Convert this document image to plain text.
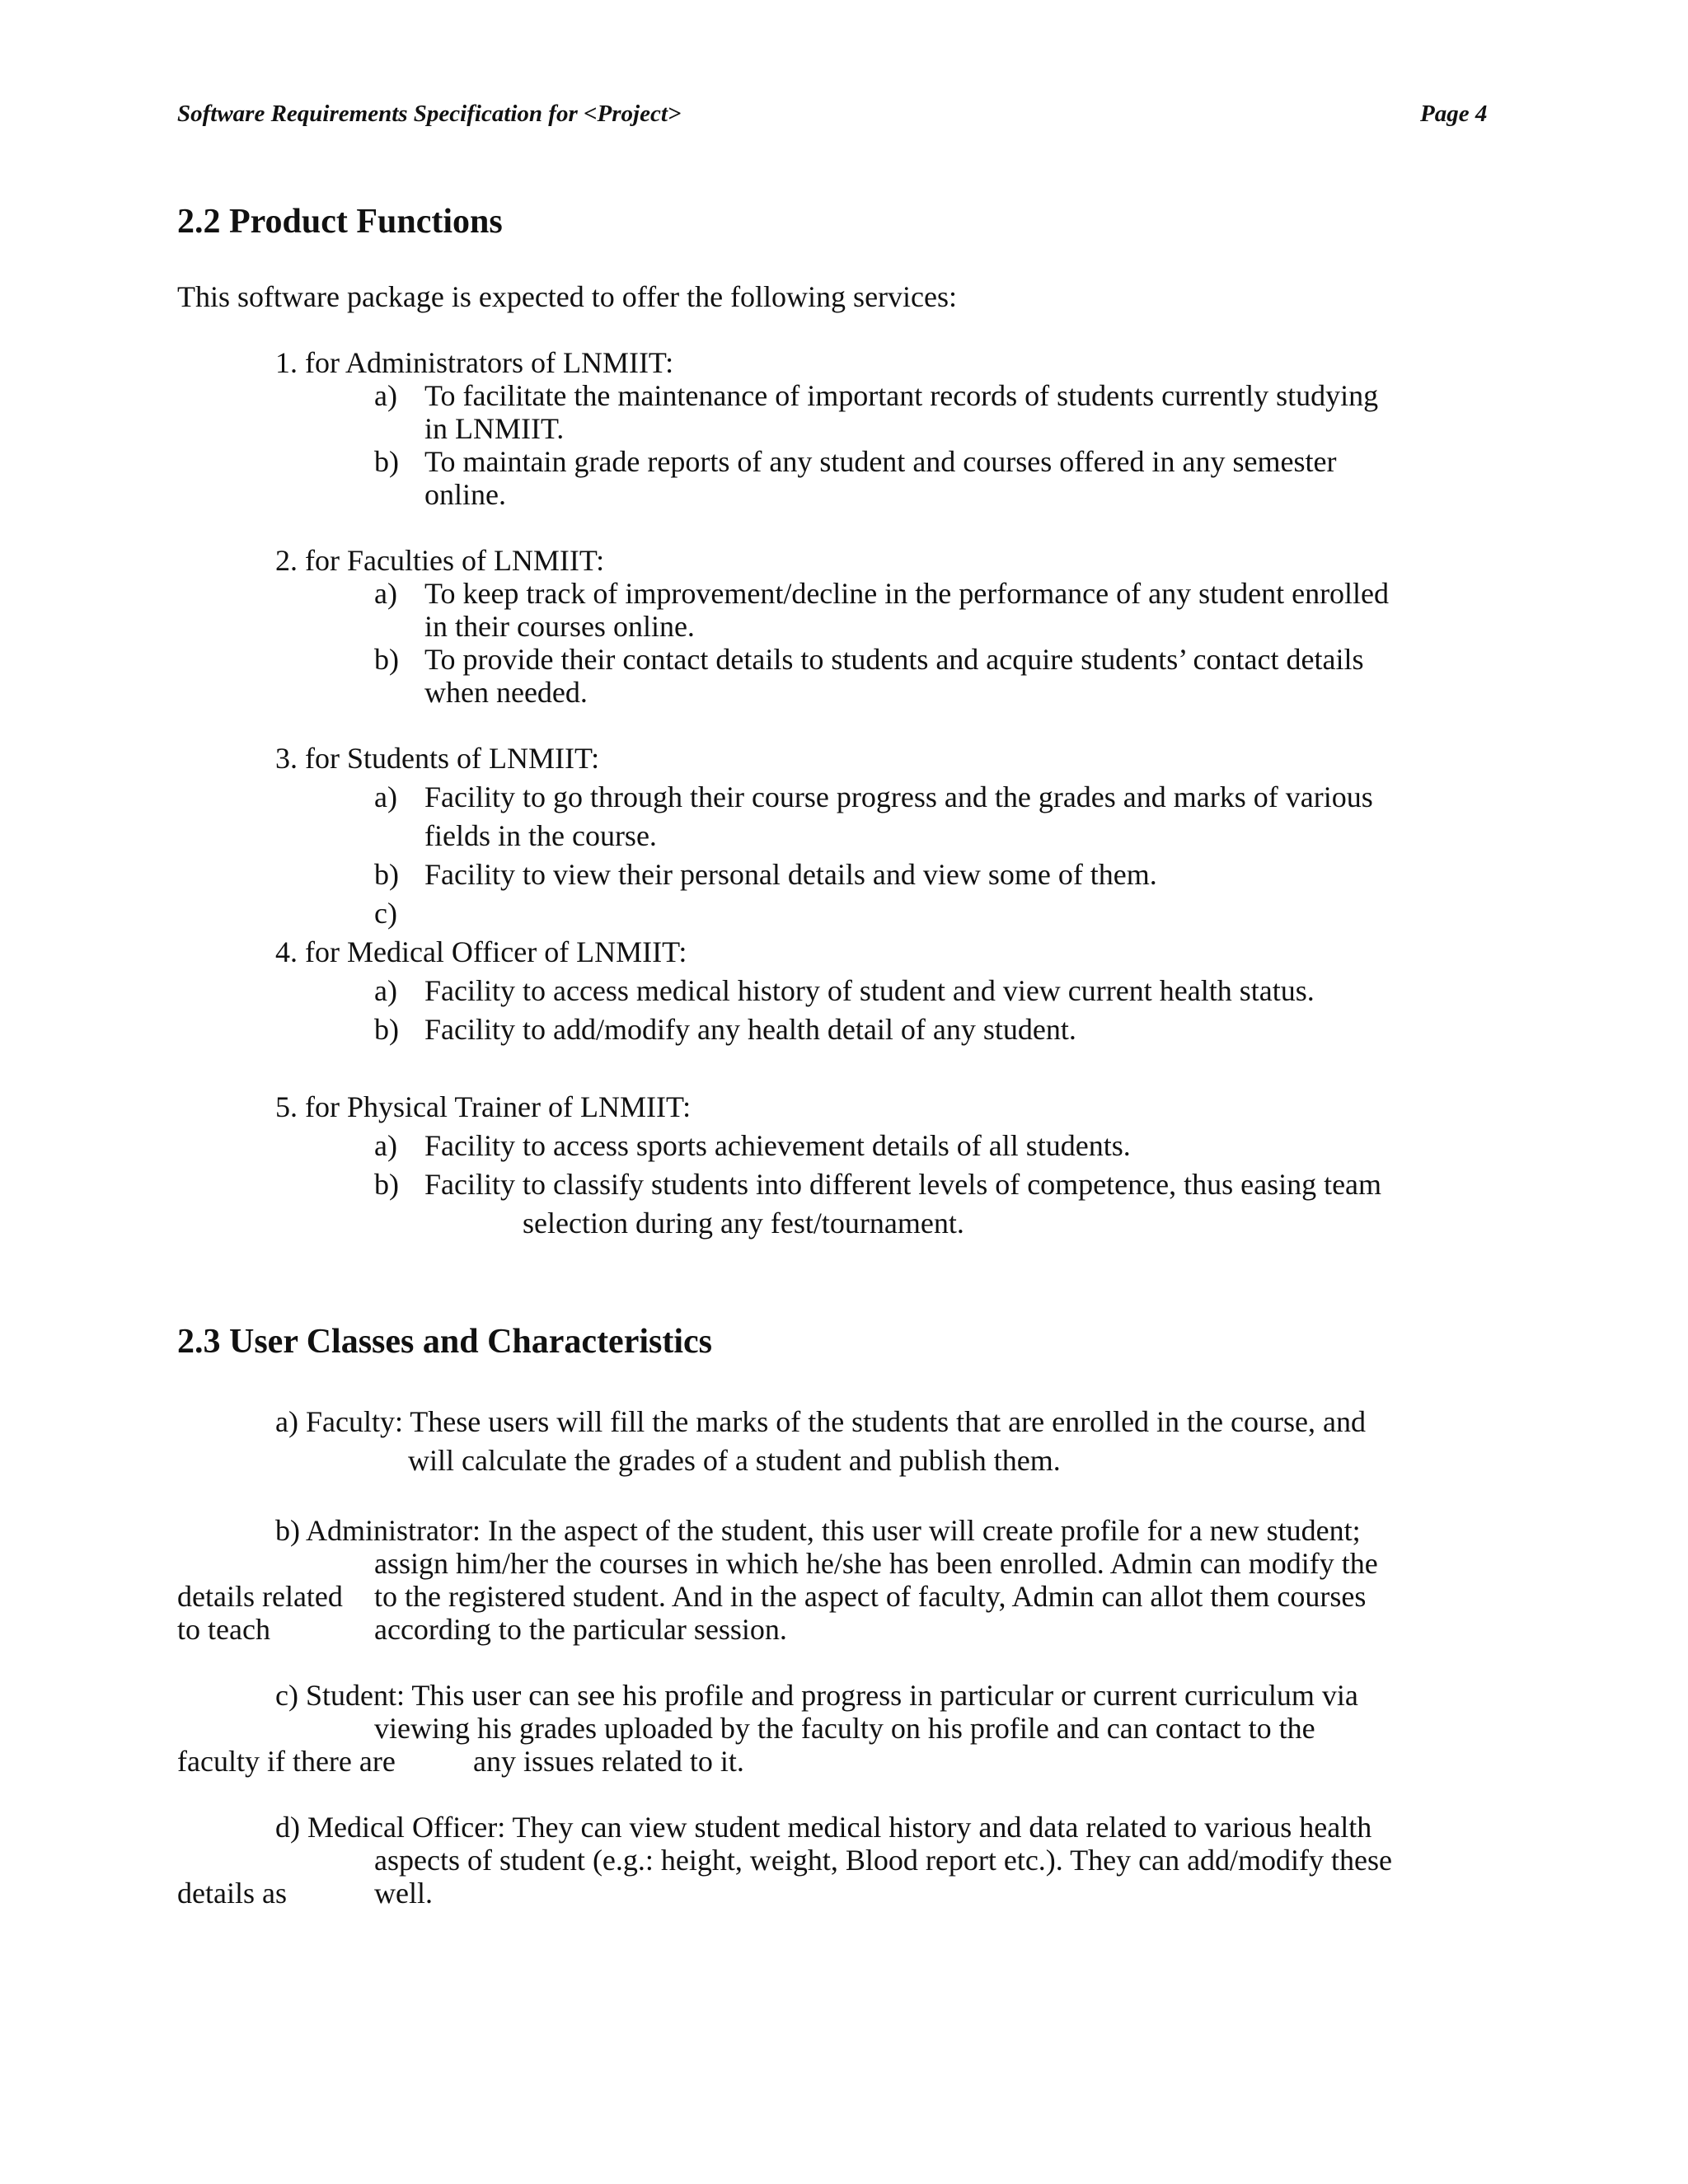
Software Requirements Specification for <Project>	Page 4
2.2 Product Functions
This software package is expected to offer the following services:
1. for Administrators of LNMIIT:
a) To facilitate the maintenance of important records of students currently studying
in LNMIIT.
b) To maintain grade reports of any student and courses offered in any semester
online.
2. for Faculties of LNMIIT:
a) To keep track of improvement/decline in the performance of any student enrolled
in their courses online.
b) To provide their contact details to students and acquire students’ contact details
when needed.
3. for Students of LNMIIT:
a) Facility to go through their course progress and the grades and marks of various
fields in the course.
b) Facility to view their personal details and view some of them.
c)
4. for Medical Officer of LNMIIT:
a) Facility to access medical history of student and view current health status.
b) Facility to add/modify any health detail of any student.
5. for Physical Trainer of LNMIIT:
a) Facility to access sports achievement details of all students.
b) Facility to classify students into different levels of competence, thus easing team
selection during any fest/tournament.
2.3 User Classes and Characteristics
a) Faculty: These users will fill the marks of the students that are enrolled in the course, and
will calculate the grades of a student and publish them.
b) Administrator: In the aspect of the student, this user will create profile for a new student;
assign him/her the courses in which he/she has been enrolled. Admin can modify the
details related to the registered student. And in the aspect of faculty, Admin can allot them courses
to teach	according to the particular session.
c) Student: This user can see his profile and progress in particular or current curriculum via
viewing his grades uploaded by the faculty on his profile and can contact to the
faculty if there are	any issues related to it.
d) Medical Officer: They can view student medical history and data related to various health
aspects of student (e.g.: height, weight, Blood report etc.). They can add/modify these
details as	well.
